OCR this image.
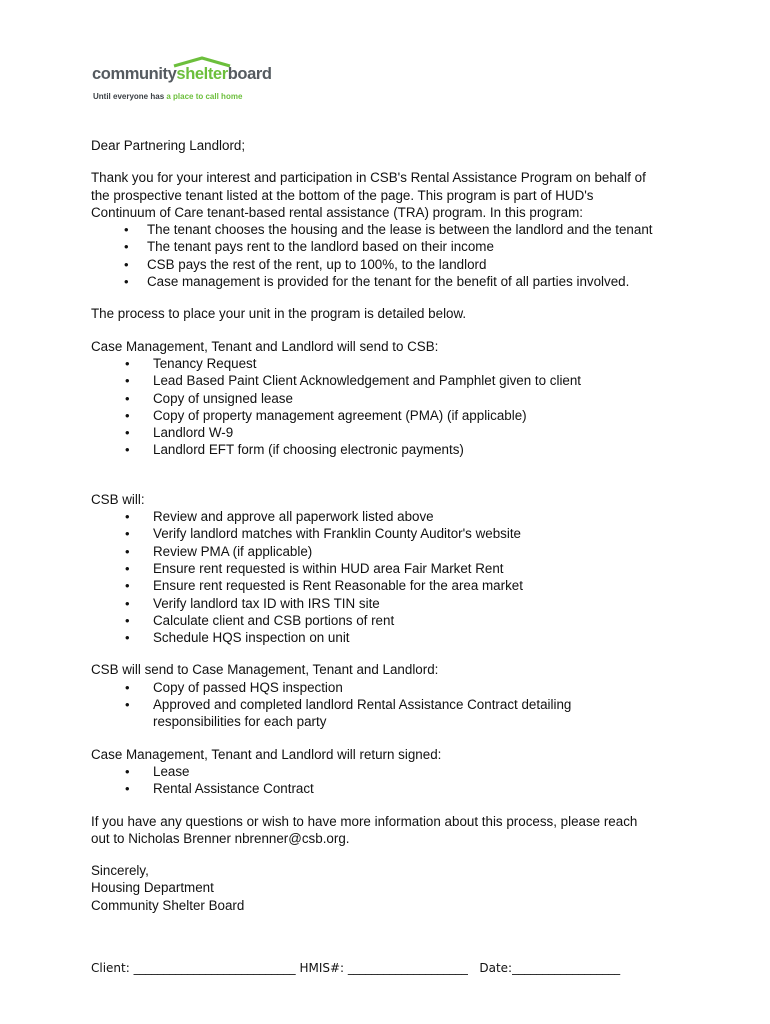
communityshelterboard
Until everyone has a place to call home

Dear Partnering Landlord;

Thank you for your interest and participation in CSB's Rental Assistance Program on behalf of

the prospective tenant listed at the bottom of the page. This program is part of HUD's

Continuum of Care tenant-based rental assistance (TRA) program. In this program:

• The tenant chooses the housing and the lease is between the landlord and the tenant
• The tenant pays rent to the landlord based on their income
• CSB pays the rest of the rent, up to 100%, to the landlord
• Case management is provided for the tenant for the benefit of all parties involved.

The process to place your unit in the program is detailed below.

Case Management, Tenant and Landlord will send to CSB:

• Tenancy Request
• Lead Based Paint Client Acknowledgement and Pamphlet given to client
• Copy of unsigned lease
• Copy of property management agreement (PMA) (if applicable)
• Landlord W-9
• Landlord EFT form (if choosing electronic payments)

CSB will:

• Review and approve all paperwork listed above
• Verify landlord matches with Franklin County Auditor's website
• Review PMA (if applicable)
• Ensure rent requested is within HUD area Fair Market Rent
• Ensure rent requested is Rent Reasonable for the area market
• Verify landlord tax ID with IRS TIN site
• Calculate client and CSB portions of rent
• Schedule HQS inspection on unit

CSB will send to Case Management, Tenant and Landlord:

• Copy of passed HQS inspection
• Approved and completed landlord Rental Assistance Contract detailing
responsibilities for each party

Case Management, Tenant and Landlord will return signed:

• Lease
• Rental Assistance Contract

If you have any questions or wish to have more information about this process, please reach

out to Nicholas Brenner nbrenner@csb.org.

Sincerely,

Housing Department

Community Shelter Board

Client: ___________________________ HMIS#: ____________________ Date:__________________
